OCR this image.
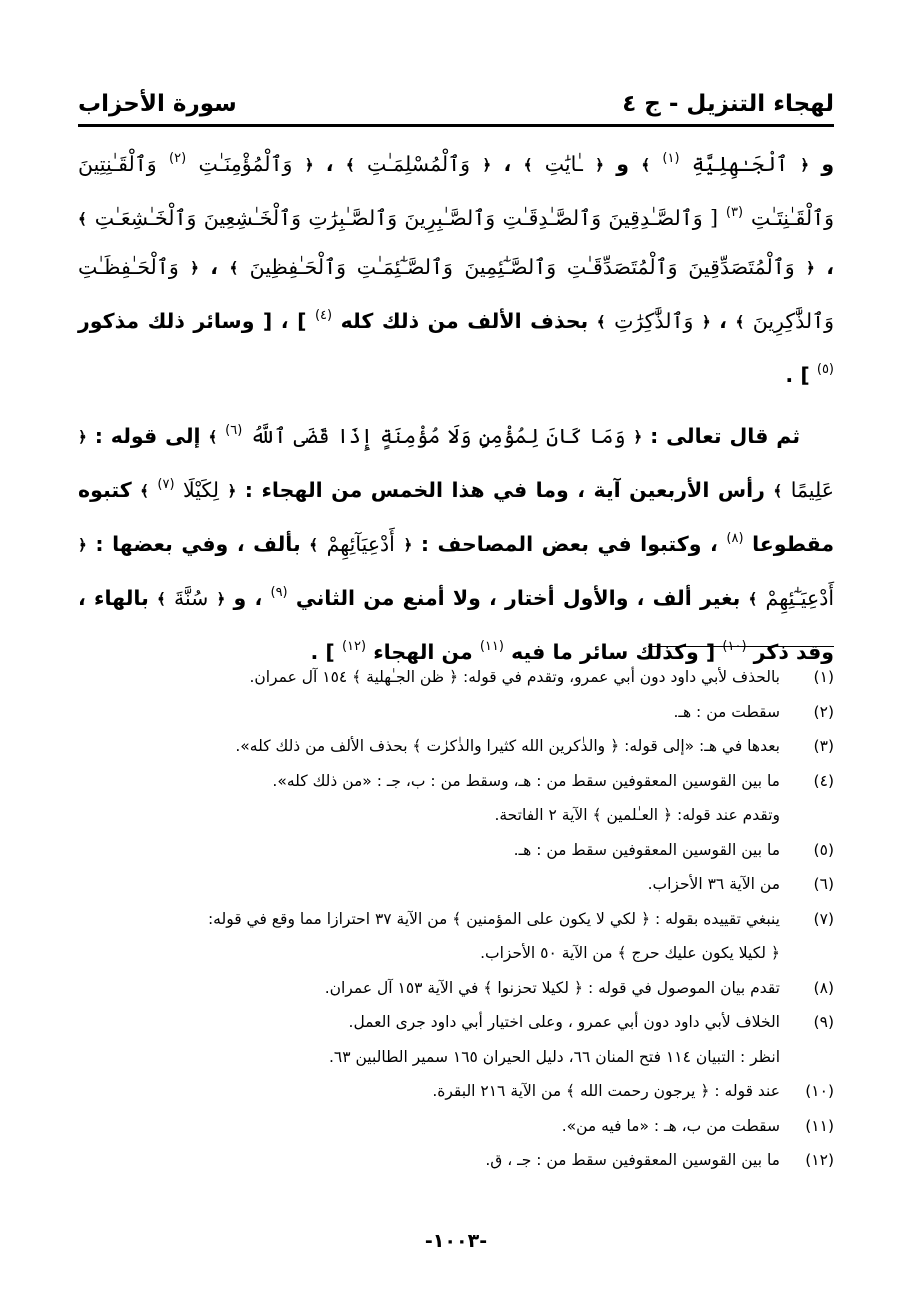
لهجاء التنزيل - ج ٤
سورة الأحزاب

و ﴿ ٱلْجَـٰهِلِيَّةِ $^{(١)}$ ﴾ و ﴿ ـٰايَٰتِ ﴾ ، ﴿ وَٱلْمُسْلِمَـٰتِ ﴾ ، ﴿ وَٱلْمُؤْمِنَـٰتِ $^{(٢)}$ وَٱلْقَـٰنِتِينَ وَٱلْقَـٰنِتَـٰتِ $^{(٣)}$ [ وَٱلصَّـٰدِقِينَ وَٱلصَّـٰدِقَـٰتِ وَٱلصَّـٰبِرِينَ وَٱلصَّـٰبِرَٰتِ وَٱلْخَـٰشِعِينَ وَٱلْخَـٰشِعَـٰتِ ﴾ ، ﴿ وَٱلْمُتَصَدِّقِينَ وَٱلْمُتَصَدِّقَـٰتِ وَٱلصَّـٰٓئِمِينَ وَٱلصَّـٰٓئِمَـٰتِ وَٱلْحَـٰفِظِينَ ﴾ ، ﴿ وَٱلْحَـٰفِظَـٰتِ وَٱلذَّٰكِرِينَ ﴾ ، ﴿ وَٱلذَّٰكِرَٰتِ ﴾ بحذف الألف من ذلك كله $^{(٤)}$ ] ، [ وسائر ذلك مذكور $^{(٥)}$ ] .

ثم قال تعالى : ﴿ وَمَا كَانَ لِمُؤْمِنٍ وَلَا مُؤْمِنَةٍ إِذَا قَضَى ٱللَّهُ $^{(٦)}$ ﴾ إلى قوله : ﴿ عَلِيمًا ﴾ رأس الأربعين آية ، وما في هذا الخمس من الهجاء : ﴿ لِكَيْلَا $^{(٧)}$ ﴾ كتبوه مقطوعا $^{(٨)}$ ، وكتبوا في بعض المصاحف : ﴿ أَدْعِيَآئِهِمْ ﴾ بألف ، وفي بعضها : ﴿ أَدْعِيَـٰٓئِهِمْ ﴾ بغير ألف ، والأول أختار ، ولا أمنع من الثاني $^{(٩)}$ ، و ﴿ سُنَّةَ ﴾ بالهاء ، وقد ذكر $^{(١٠)}$ [ وكذلك سائر ما فيه $^{(١١)}$ من الهجاء $^{(١٢)}$ ] .

(١)
بالحذف لأبي داود دون أبي عمرو، وتقدم في قوله: ﴿ ظن الجـٰهلية ﴾ ١٥٤ آل عمران.
(٢)
سقطت من : هـ.
(٣)
بعدها في هـ: «إلى قوله: ﴿ والذٰكرين الله كثيرا والذٰكرٰت ﴾ بحذف الألف من ذلك كله».
(٤)
ما بين القوسين المعقوفين سقط من : هـ، وسقط من : ب، جـ : «من ذلك كله».
وتقدم عند قوله: ﴿ العـٰلمين ﴾ الآية ٢ الفاتحة.
(٥)
ما بين القوسين المعقوفين سقط من : هـ.
(٦)
من الآية ٣٦ الأحزاب.
(٧)
ينبغي تقييده بقوله : ﴿ لكي لا يكون على المؤمنين ﴾ من الآية ٣٧ احترازا مما وقع في قوله:
﴿ لكيلا يكون عليك حرج ﴾ من الآية ٥٠ الأحزاب.
(٨)
تقدم بيان الموصول في قوله : ﴿ لكيلا تحزنوا ﴾ في الآية ١٥٣ آل عمران.
(٩)
الخلاف لأبي داود دون أبي عمرو ، وعلى اختيار أبي داود جرى العمل.
انظر : التبيان ١١٤ فتح المنان ٦٦، دليل الحيران ١٦٥ سمير الطالبين ٦٣.
(١٠)
عند قوله : ﴿ يرجون رحمت الله ﴾ من الآية ٢١٦ البقرة.
(١١)
سقطت من ب، هـ : «ما فيه من».
(١٢)
ما بين القوسين المعقوفين سقط من : جـ ، ق.
-١٠٠٣-
